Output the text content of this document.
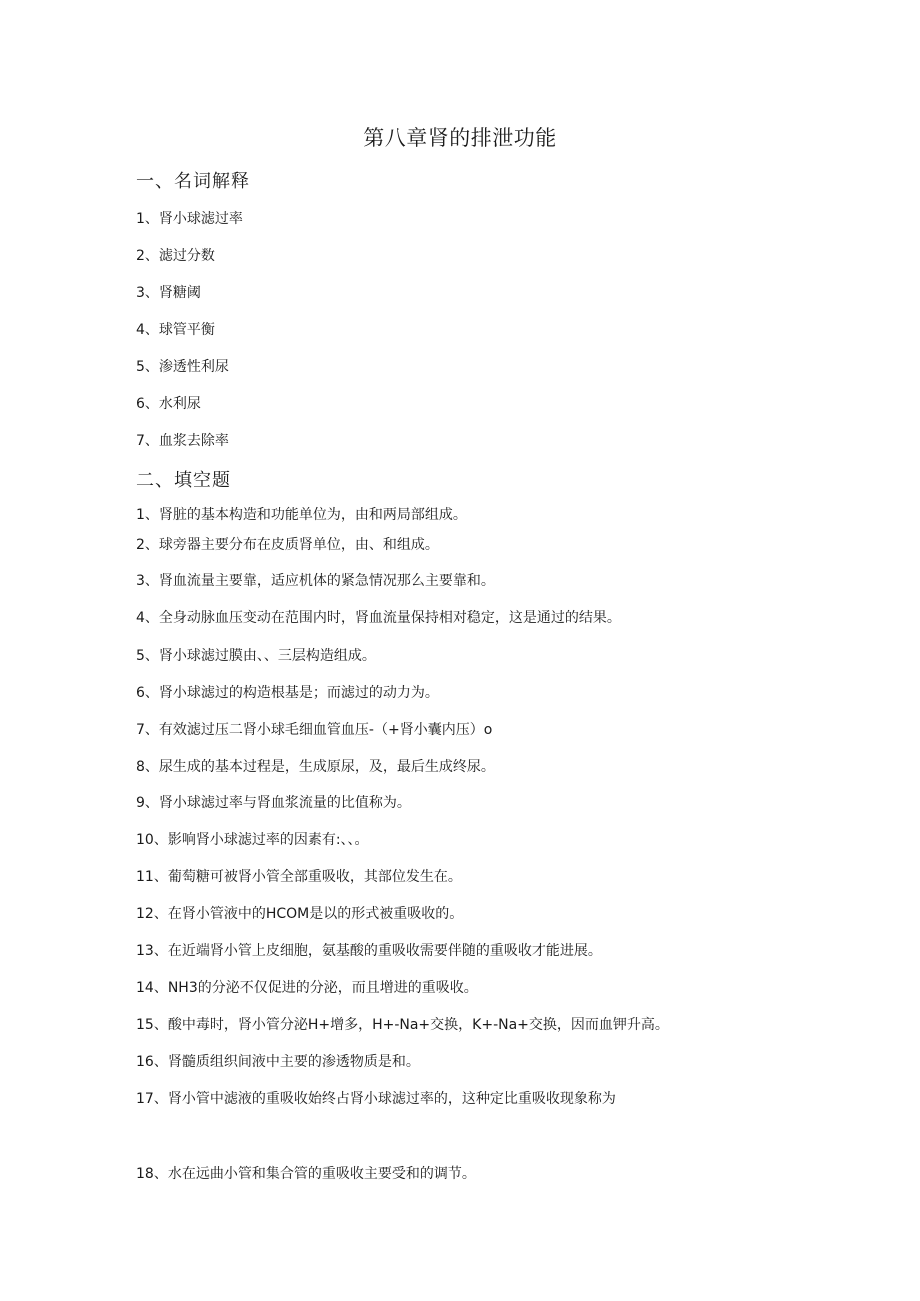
第八章肾的排泄功能
一、名词解释
1、肾小球滤过率
2、滤过分数
3、肾糖阈
4、球管平衡
5、渗透性利尿
6、水利尿
7、血浆去除率
二、填空题
1、肾脏的基本构造和功能单位为，由和两局部组成。
2、球旁器主要分布在皮质肾单位，由、和组成。
3、肾血流量主要靠，适应机体的紧急情况那么主要靠和。
4、全身动脉血压变动在范围内时，肾血流量保持相对稳定，这是通过的结果。
5、肾小球滤过膜由、、三层构造组成。
6、肾小球滤过的构造根基是；而滤过的动力为。
7、有效滤过压二肾小球毛细血管血压-（+肾小囊内压）o
8、尿生成的基本过程是，生成原尿，及，最后生成终尿。
9、肾小球滤过率与肾血浆流量的比值称为。
10、影响肾小球滤过率的因素有:、、。
11、葡萄糖可被肾小管全部重吸收，其部位发生在。
12、在肾小管液中的HCOM是以的形式被重吸收的。
13、在近端肾小管上皮细胞，氨基酸的重吸收需要伴随的重吸收才能进展。
14、NH3的分泌不仅促进的分泌，而且增进的重吸收。
15、酸中毒时，肾小管分泌H+增多，H+-Na+交换，K+-Na+交换，因而血钾升高。
16、肾髓质组织间液中主要的渗透物质是和。
17、肾小管中滤液的重吸收始终占肾小球滤过率的，这种定比重吸收现象称为
18、水在远曲小管和集合管的重吸收主要受和的调节。
